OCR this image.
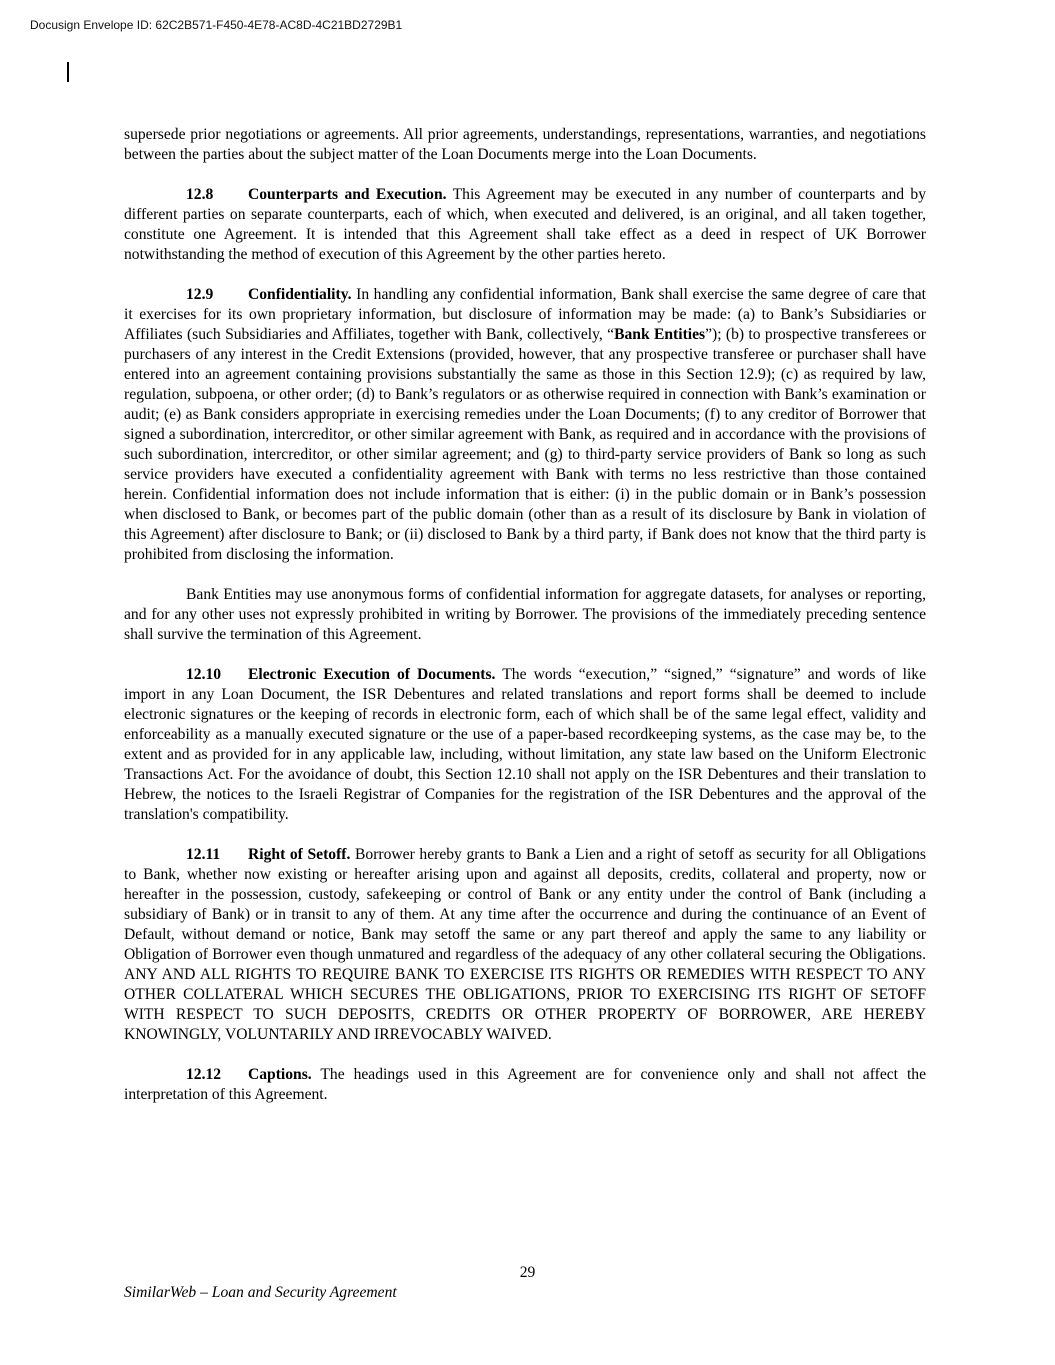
Docusign Envelope ID: 62C2B571-F450-4E78-AC8D-4C21BD2729B1

supersede prior negotiations or agreements. All prior agreements, understandings, representations, warranties, and negotiations between the parties about the subject matter of the Loan Documents merge into the Loan Documents.

12.8 Counterparts and Execution. This Agreement may be executed in any number of counterparts and by different parties on separate counterparts, each of which, when executed and delivered, is an original, and all taken together, constitute one Agreement. It is intended that this Agreement shall take effect as a deed in respect of UK Borrower notwithstanding the method of execution of this Agreement by the other parties hereto.

12.9 Confidentiality. In handling any confidential information, Bank shall exercise the same degree of care that it exercises for its own proprietary information, but disclosure of information may be made: (a) to Bank’s Subsidiaries or Affiliates (such Subsidiaries and Affiliates, together with Bank, collectively, “Bank Entities”); (b) to prospective transferees or purchasers of any interest in the Credit Extensions (provided, however, that any prospective transferee or purchaser shall have entered into an agreement containing provisions substantially the same as those in this Section 12.9); (c) as required by law, regulation, subpoena, or other order; (d) to Bank’s regulators or as otherwise required in connection with Bank’s examination or audit; (e) as Bank considers appropriate in exercising remedies under the Loan Documents; (f) to any creditor of Borrower that signed a subordination, intercreditor, or other similar agreement with Bank, as required and in accordance with the provisions of such subordination, intercreditor, or other similar agreement; and (g) to third-party service providers of Bank so long as such service providers have executed a confidentiality agreement with Bank with terms no less restrictive than those contained herein. Confidential information does not include information that is either: (i) in the public domain or in Bank’s possession when disclosed to Bank, or becomes part of the public domain (other than as a result of its disclosure by Bank in violation of this Agreement) after disclosure to Bank; or (ii) disclosed to Bank by a third party, if Bank does not know that the third party is prohibited from disclosing the information.

Bank Entities may use anonymous forms of confidential information for aggregate datasets, for analyses or reporting, and for any other uses not expressly prohibited in writing by Borrower. The provisions of the immediately preceding sentence shall survive the termination of this Agreement.

12.10 Electronic Execution of Documents. The words “execution,” “signed,” “signature” and words of like import in any Loan Document, the ISR Debentures and related translations and report forms shall be deemed to include electronic signatures or the keeping of records in electronic form, each of which shall be of the same legal effect, validity and enforceability as a manually executed signature or the use of a paper-based recordkeeping systems, as the case may be, to the extent and as provided for in any applicable law, including, without limitation, any state law based on the Uniform Electronic Transactions Act. For the avoidance of doubt, this Section 12.10 shall not apply on the ISR Debentures and their translation to Hebrew, the notices to the Israeli Registrar of Companies for the registration of the ISR Debentures and the approval of the translation's compatibility.

12.11 Right of Setoff. Borrower hereby grants to Bank a Lien and a right of setoff as security for all Obligations to Bank, whether now existing or hereafter arising upon and against all deposits, credits, collateral and property, now or hereafter in the possession, custody, safekeeping or control of Bank or any entity under the control of Bank (including a subsidiary of Bank) or in transit to any of them. At any time after the occurrence and during the continuance of an Event of Default, without demand or notice, Bank may setoff the same or any part thereof and apply the same to any liability or Obligation of Borrower even though unmatured and regardless of the adequacy of any other collateral securing the Obligations. ANY AND ALL RIGHTS TO REQUIRE BANK TO EXERCISE ITS RIGHTS OR REMEDIES WITH RESPECT TO ANY OTHER COLLATERAL WHICH SECURES THE OBLIGATIONS, PRIOR TO EXERCISING ITS RIGHT OF SETOFF WITH RESPECT TO SUCH DEPOSITS, CREDITS OR OTHER PROPERTY OF BORROWER, ARE HEREBY KNOWINGLY, VOLUNTARILY AND IRREVOCABLY WAIVED.

12.12 Captions. The headings used in this Agreement are for convenience only and shall not affect the interpretation of this Agreement.

29
SimilarWeb – Loan and Security Agreement
